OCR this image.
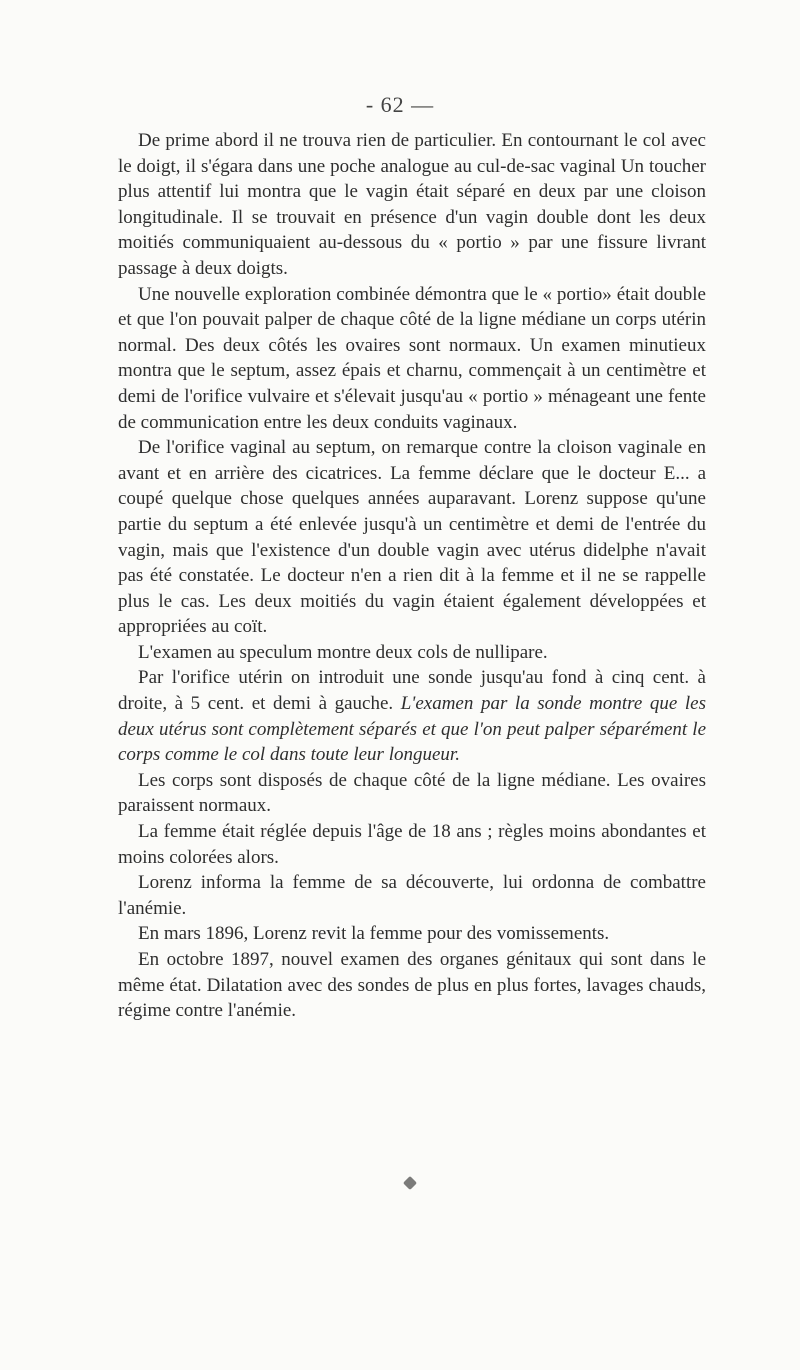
- 62 —

De prime abord il ne trouva rien de particulier. En contournant le col avec le doigt, il s'égara dans une poche analogue au cul-de-sac vaginal Un toucher plus attentif lui montra que le vagin était séparé en deux par une cloison longitudinale. Il se trouvait en présence d'un vagin double dont les deux moitiés communiquaient au-dessous du « portio » par une fissure livrant passage à deux doigts.

Une nouvelle exploration combinée démontra que le « portio» était double et que l'on pouvait palper de chaque côté de la ligne médiane un corps utérin normal. Des deux côtés les ovaires sont normaux. Un examen minutieux montra que le septum, assez épais et charnu, commençait à un centimètre et demi de l'orifice vulvaire et s'élevait jusqu'au « portio » ménageant une fente de communication entre les deux conduits vaginaux.

De l'orifice vaginal au septum, on remarque contre la cloison vaginale en avant et en arrière des cicatrices. La femme déclare que le docteur E... a coupé quelque chose quelques années auparavant. Lorenz suppose qu'une partie du septum a été enlevée jusqu'à un centimètre et demi de l'entrée du vagin, mais que l'existence d'un double vagin avec utérus didelphe n'avait pas été constatée. Le docteur n'en a rien dit à la femme et il ne se rappelle plus le cas. Les deux moitiés du vagin étaient également développées et appropriées au coït.

L'examen au speculum montre deux cols de nullipare.

Par l'orifice utérin on introduit une sonde jusqu'au fond à cinq cent. à droite, à 5 cent. et demi à gauche. L'examen par la sonde montre que les deux utérus sont complètement séparés et que l'on peut palper séparément le corps comme le col dans toute leur longueur.

Les corps sont disposés de chaque côté de la ligne médiane. Les ovaires paraissent normaux.

La femme était réglée depuis l'âge de 18 ans ; règles moins abondantes et moins colorées alors.

Lorenz informa la femme de sa découverte, lui ordonna de combattre l'anémie.

En mars 1896, Lorenz revit la femme pour des vomissements.

En octobre 1897, nouvel examen des organes génitaux qui sont dans le même état. Dilatation avec des sondes de plus en plus fortes, lavages chauds, régime contre l'anémie.
